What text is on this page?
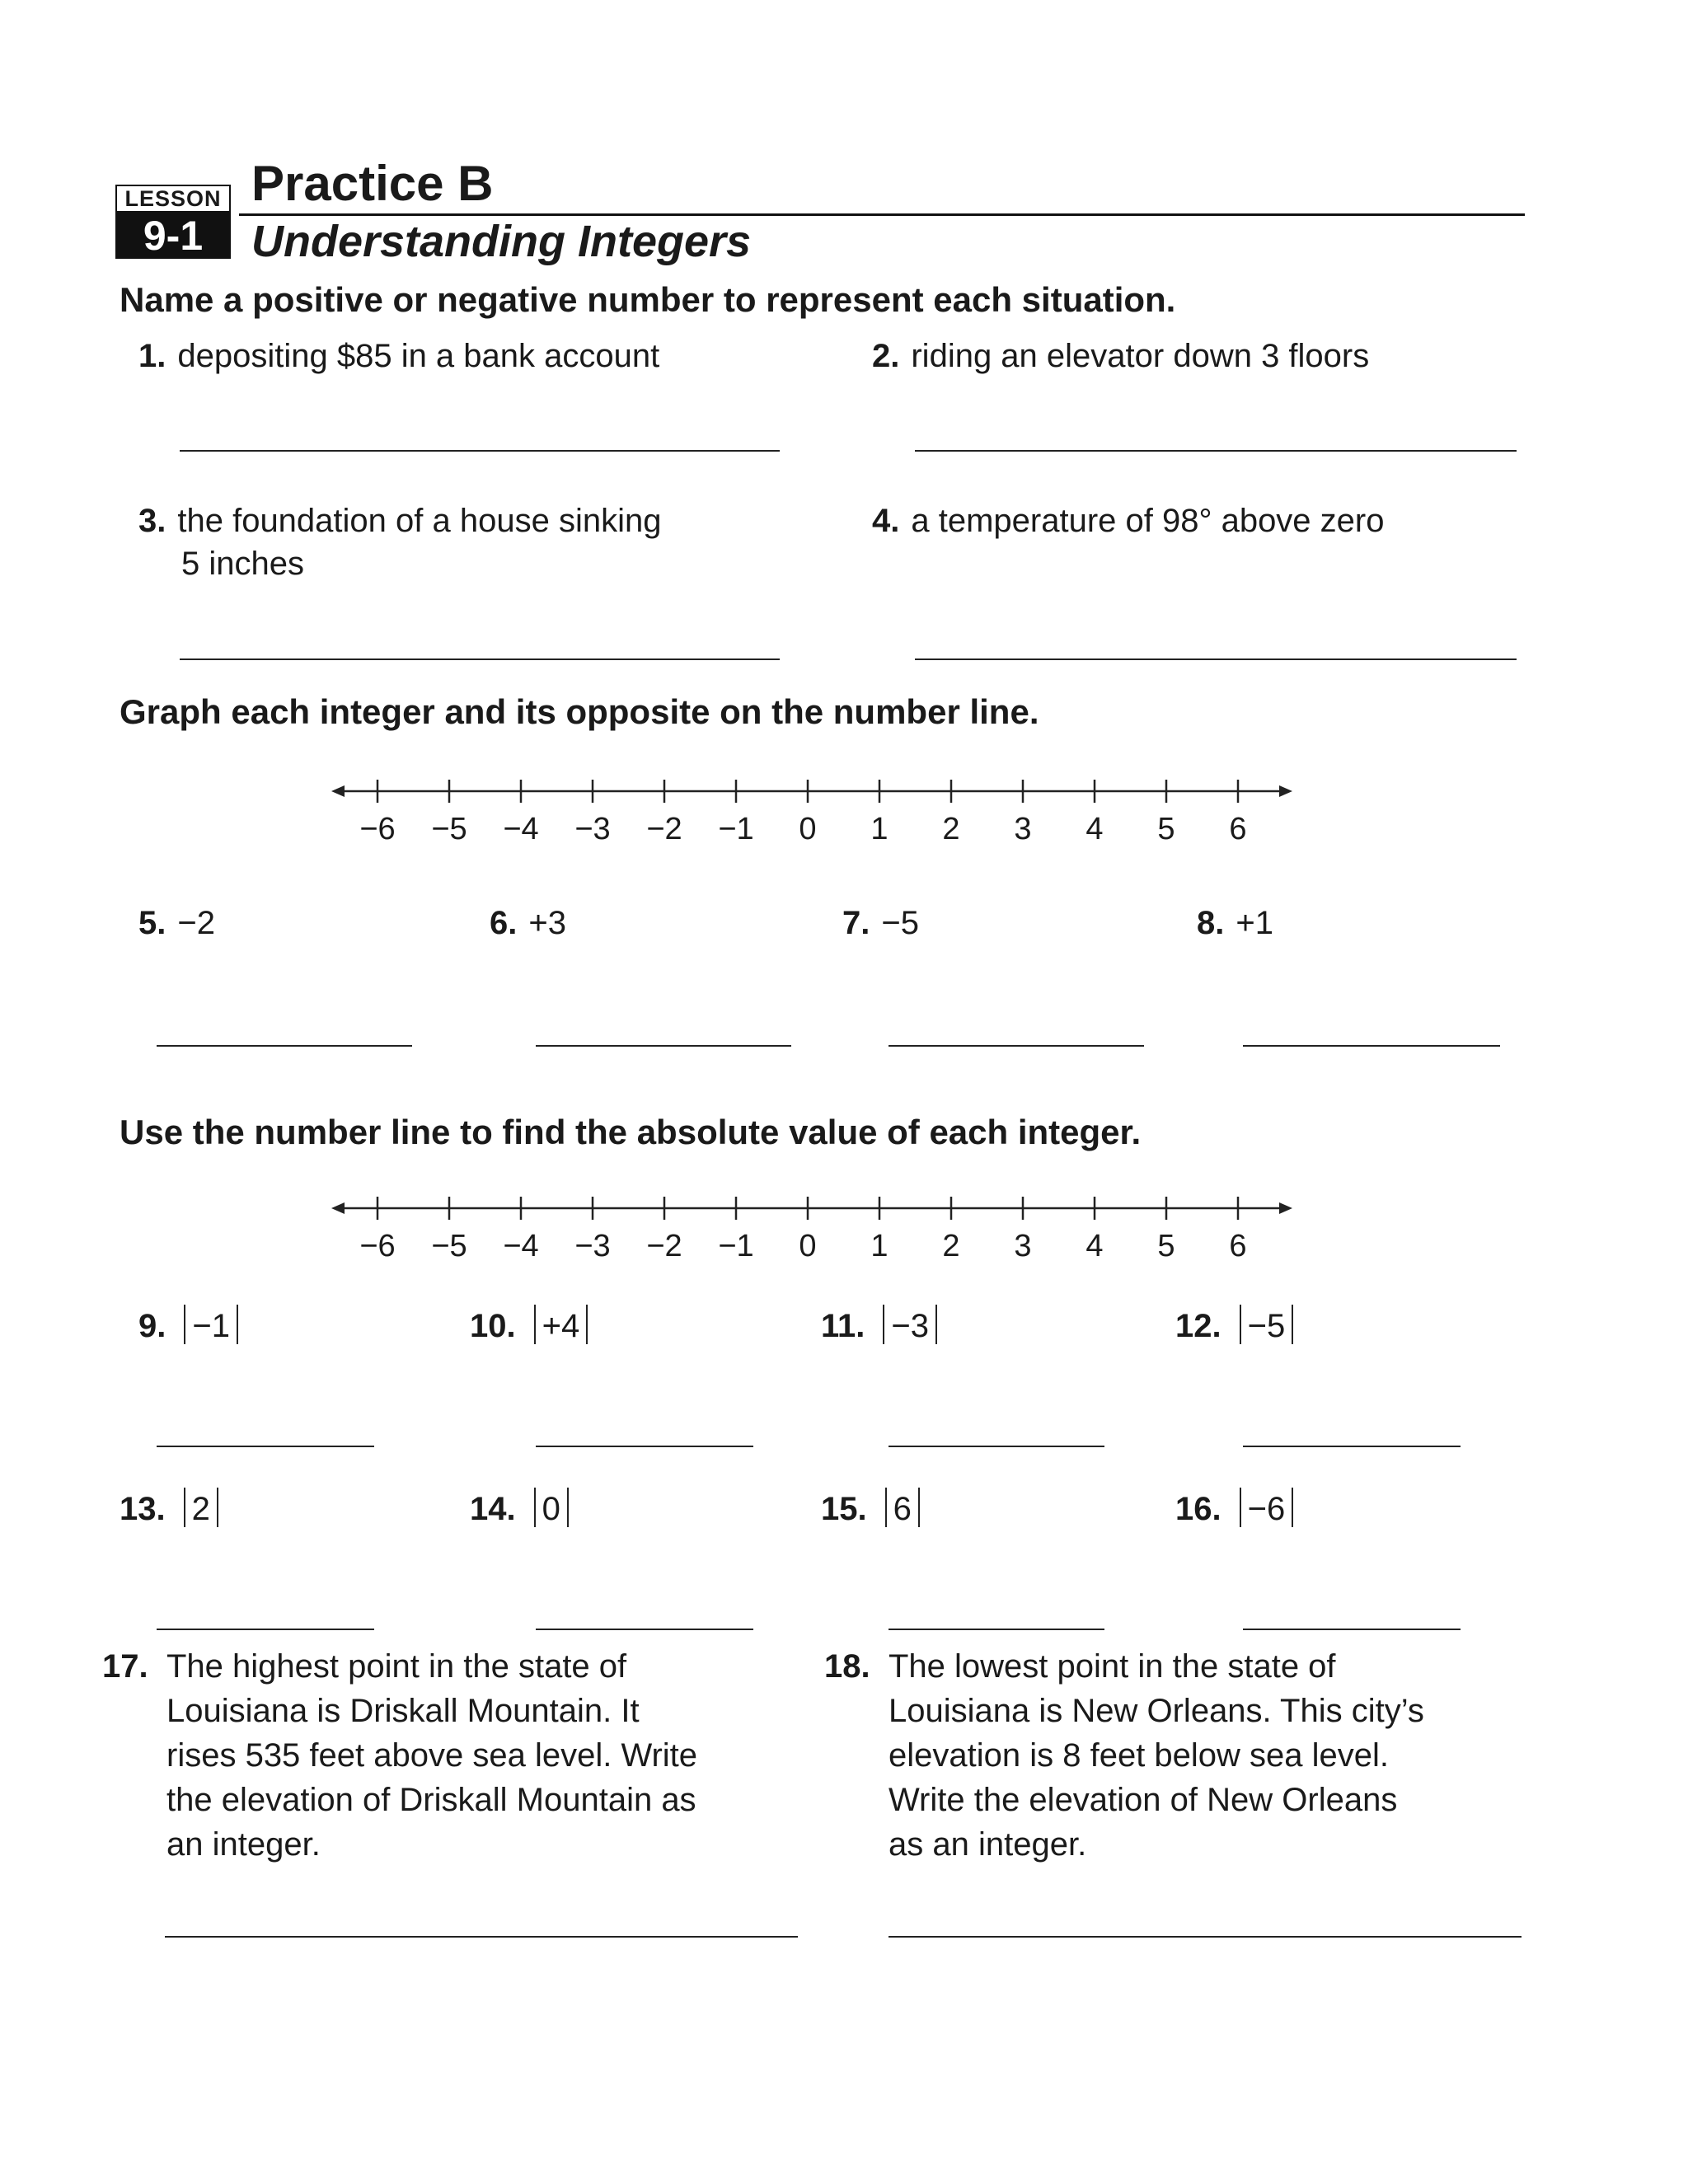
LESSON
9-1
Practice B
Understanding Integers
Name a positive or negative number to represent each situation.
1. depositing $85 in a bank account	2. riding an elevator down 3 floors
3. the foundation of a house sinking
5 inches
4. a temperature of 98° above zero
Graph each integer and its opposite on the number line.
−6 −5 −4 −3 −2 −1 0 1 2 3 4 5 6
5. −2	6. +3	7. −5	8. +1
Use the number line to find the absolute value of each integer.
−6 −5 −4 −3 −2 −1 0 1 2 3 4 5 6
9. −1	10. +4	11. −3	12. −5
13. 2	14. 0	15. 6	16. −6
17. The highest point in the state of
Louisiana is Driskall Mountain. It
rises 535 feet above sea level. Write
the elevation of Driskall Mountain as
an integer.
18. The lowest point in the state of
Louisiana is New Orleans. This city’s
elevation is 8 feet below sea level.
Write the elevation of New Orleans
as an integer.
